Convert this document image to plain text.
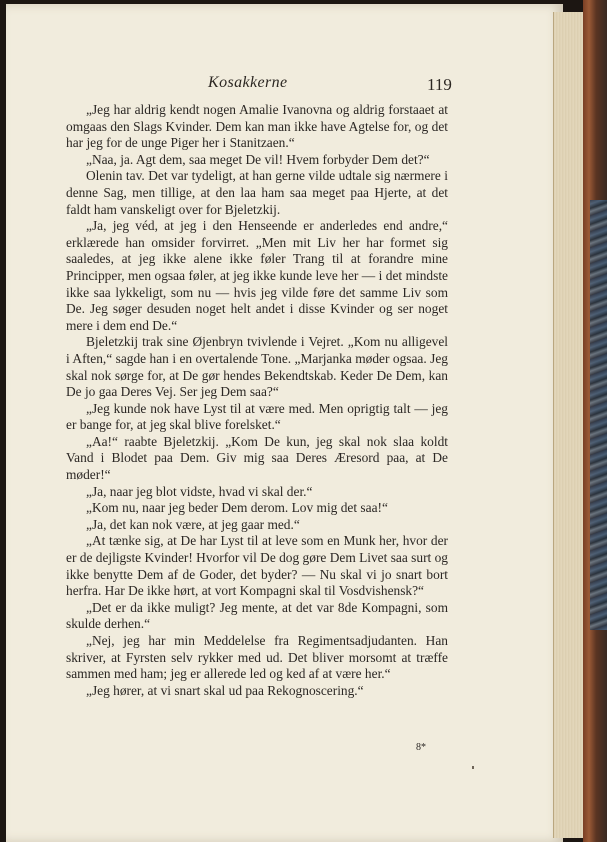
Kosakkerne	119

„Jeg har aldrig kendt nogen Amalie Ivanovna og aldrig forstaaet at omgaas den Slags Kvinder. Dem kan man ikke have Agtelse for, og det har jeg for de unge Piger her i Stanitzaen.“

„Naa, ja. Agt dem, saa meget De vil! Hvem forbyder Dem det?“

Olenin tav. Det var tydeligt, at han gerne vilde udtale sig nærmere i denne Sag, men tillige, at den laa ham saa meget paa Hjerte, at det faldt ham vanskeligt over for Bjeletzkij.

„Ja, jeg véd, at jeg i den Henseende er anderledes end andre,“ erklærede han omsider forvirret. „Men mit Liv her har formet sig saaledes, at jeg ikke alene ikke føler Trang til at forandre mine Principper, men ogsaa føler, at jeg ikke kunde leve her — i det mindste ikke saa lykkeligt, som nu — hvis jeg vilde føre det samme Liv som De. Jeg søger desuden noget helt andet i disse Kvinder og ser noget mere i dem end De.“

Bjeletzkij trak sine Øjenbryn tvivlende i Vejret. „Kom nu alligevel i Aften,“ sagde han i en overtalende Tone. „Marjanka møder ogsaa. Jeg skal nok sørge for, at De gør hendes Bekendtskab. Keder De Dem, kan De jo gaa Deres Vej. Ser jeg Dem saa?“

„Jeg kunde nok have Lyst til at være med. Men oprigtig talt — jeg er bange for, at jeg skal blive forelsket.“

„Aa!“ raabte Bjeletzkij. „Kom De kun, jeg skal nok slaa koldt Vand i Blodet paa Dem. Giv mig saa Deres Æresord paa, at De møder!“

„Ja, naar jeg blot vidste, hvad vi skal der.“

„Kom nu, naar jeg beder Dem derom. Lov mig det saa!“

„Ja, det kan nok være, at jeg gaar med.“

„At tænke sig, at De har Lyst til at leve som en Munk her, hvor der er de dejligste Kvinder! Hvorfor vil De dog gøre Dem Livet saa surt og ikke benytte Dem af de Goder, det byder? — Nu skal vi jo snart bort herfra. Har De ikke hørt, at vort Kompagni skal til Vosdvishensk?“

„Det er da ikke muligt? Jeg mente, at det var 8de Kompagni, som skulde derhen.“

„Nej, jeg har min Meddelelse fra Regimentsadjudanten. Han skriver, at Fyrsten selv rykker med ud. Det bliver morsomt at træffe sammen med ham; jeg er allerede led og ked af at være her.“

„Jeg hører, at vi snart skal ud paa Rekognoscering.“

8*
